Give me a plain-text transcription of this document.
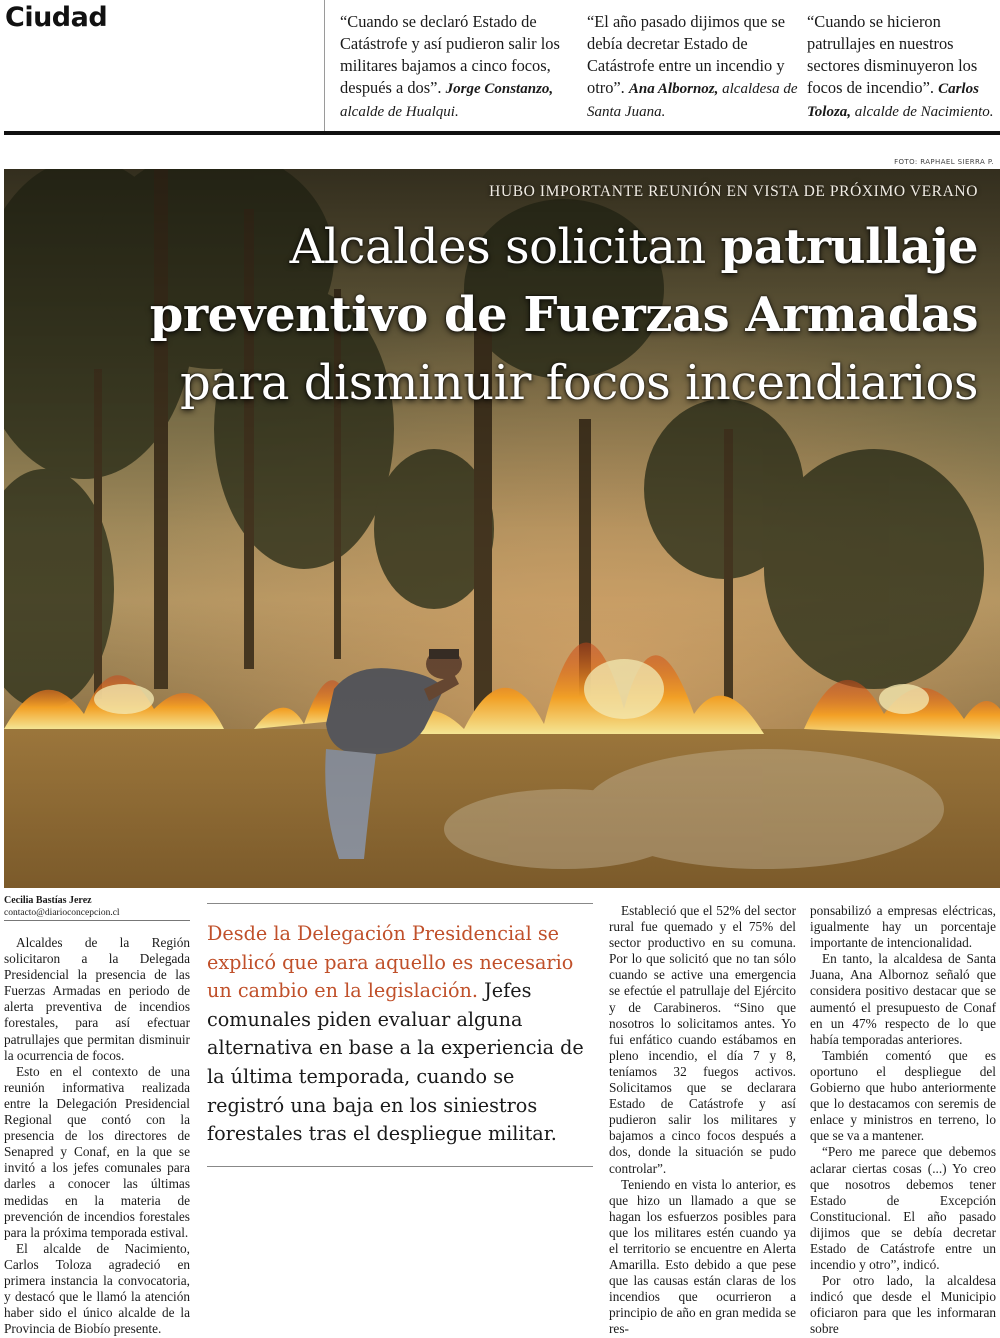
Ciudad	“Cuando se declaró Estado de Catástrofe y así pudieron salir los militares bajamos a cinco focos, después a dos”. Jorge Constanzo, alcalde de Hualqui.
“El año pasado dijimos que se debía decretar Estado de Catástrofe entre un incendio y otro”. Ana Albornoz, alcaldesa de Santa Juana.
“Cuando se hicieron patrullajes en nuestros sectores disminuyeron los focos de incendio”. Carlos Toloza, alcalde de Nacimiento.
FOTO: RAPHAEL SIERRA P.
HUBO IMPORTANTE REUNIÓN EN VISTA DE PRÓXIMO VERANO
Alcaldes solicitan patrullaje preventivo de Fuerzas Armadas para disminuir focos incendiarios
Cecilia Bastías Jerez
contacto@diarioconcepcion.cl

Alcaldes de la Región solicitaron a la Delegada Presidencial la presencia de las Fuerzas Armadas en periodo de alerta preventiva de incendios forestales, para así efectuar patrullajes que permitan disminuir la ocurrencia de focos.

Esto en el contexto de una reunión informativa realizada entre la Delegación Presidencial Regional que contó con la presencia de los directores de Senapred y Conaf, en la que se invitó a los jefes comunales para darles a conocer las últimas medidas en la materia de prevención de incendios forestales para la próxima temporada estival.

El alcalde de Nacimiento, Carlos Toloza agradeció en primera instancia la convocatoria, y destacó que le llamó la atención haber sido el único alcalde de la Provincia de Biobío presente.

Desde la Delegación Presidencial se explicó que para aquello es necesario un cambio en la legislación. Jefes comunales piden evaluar alguna alternativa en base a la experiencia de la última temporada, cuando se registró una baja en los siniestros forestales tras el despliegue militar.

Estableció que el 52% del sector rural fue quemado y el 75% del sector productivo en su comuna. Por lo que solicitó que no tan sólo cuando se active una emergencia se efectúe el patrullaje del Ejército y de Carabineros. “Sino que nosotros lo solicitamos antes. Yo fui enfático cuando estábamos en pleno incendio, el día 7 y 8, teníamos 32 fuegos activos. Solicitamos que se declarara Estado de Catástrofe y así pudieron salir los militares y bajamos a cinco focos después a dos, donde la situación se pudo controlar”.

Teniendo en vista lo anterior, es que hizo un llamado a que se hagan los esfuerzos posibles para que los militares estén cuando ya el territorio se encuentre en Alerta Amarilla. Esto debido a que pese que las causas están claras de los incendios que ocurrieron a principio de año en gran medida se res-

ponsabilizó a empresas eléctricas, igualmente hay un porcentaje importante de intencionalidad.

En tanto, la alcaldesa de Santa Juana, Ana Albornoz señaló que considera positivo destacar que se aumentó el presupuesto de Conaf en un 47% respecto de lo que había temporadas anteriores.

También comentó que es oportuno el despliegue del Gobierno que hubo anteriormente que lo destacamos con seremis de enlace y ministros en terreno, lo que se va a mantener.

“Pero me parece que debemos aclarar ciertas cosas (...) Yo creo que nosotros debemos tener Estado de Excepción Constitucional. El año pasado dijimos que se debía decretar Estado de Catástrofe entre un incendio y otro”, indicó.

Por otro lado, la alcaldesa indicó que desde el Municipio oficiaron para que les informaran sobre
